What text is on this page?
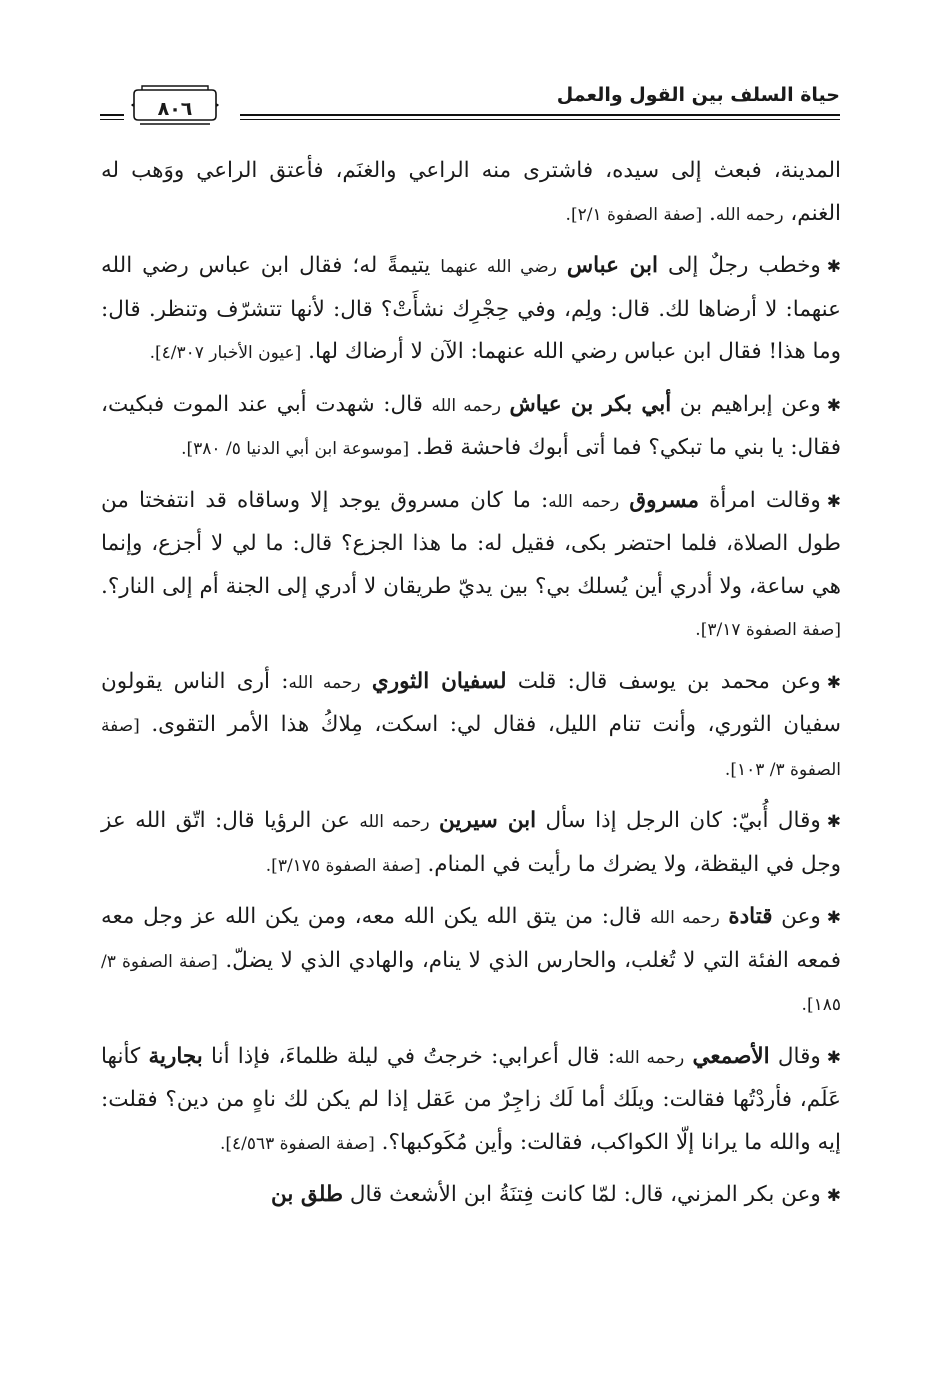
حياة السلف بين القول والعمل
٨٠٦

المدينة، فبعث إلى سيده، فاشترى منه الراعي والغنَم، فأعتق الراعي ووَهب له الغنم، رحمه الله. [صفة الصفوة ٢/١].

✱وخطب رجلٌ إلى ابن عباس رضي الله عنهما يتيمةً له؛ فقال ابن عباس رضي الله عنهما: لا أرضاها لك. قال: ولِم، وفي حِجْرِك نشأَتْ؟ قال: لأنها تتشرّف وتنظر. قال: وما هذا! فقال ابن عباس رضي الله عنهما: الآن لا أرضاك لها. [عيون الأخبار ٤/٣٠٧].

✱وعن إبراهيم بن أبي بكر بن عياش رحمه الله قال: شهدت أبي عند الموت فبكيت، فقال: يا بني ما تبكي؟ فما أتى أبوك فاحشة قط. [موسوعة ابن أبي الدنيا ٥/ ٣٨٠].

✱وقالت امرأة مسروق رحمه الله: ما كان مسروق يوجد إلا وساقاه قد انتفختا من طول الصلاة، فلما احتضر بكى، فقيل له: ما هذا الجزع؟ قال: ما لي لا أجزع، وإنما هي ساعة، ولا أدري أين يُسلك بي؟ بين يديّ طريقان لا أدري إلى الجنة أم إلى النار؟. [صفة الصفوة ٣/١٧].

✱وعن محمد بن يوسف قال: قلت لسفيان الثوري رحمه الله: أرى الناس يقولون سفيان الثوري، وأنت تنام الليل، فقال لي: اسكت، مِلاكُ هذا الأمر التقوى. [صفة الصفوة ٣/ ١٠٣].

✱وقال أُبيّ: كان الرجل إذا سأل ابن سيرين رحمه الله عن الرؤيا قال: اتّق الله عز وجل في اليقظة، ولا يضرك ما رأيت في المنام. [صفة الصفوة ٣/١٧٥].

✱وعن قتادة رحمه الله قال: من يتق الله يكن الله معه، ومن يكن الله عز وجل معه فمعه الفئة التي لا تُغلب، والحارس الذي لا ينام، والهادي الذي لا يضلّ. [صفة الصفوة ٣/ ١٨٥].

✱وقال الأصمعي رحمه الله: قال أعرابي: خرجتُ في ليلة ظلماءَ، فإذا أنا بجارية كأنها عَلَم، فأردْتُها فقالت: ويلَك أما لَك زاجِرٌ من عَقل إذا لم يكن لك ناهٍ من دين؟ فقلت: إيه والله ما يرانا إلّا الكواكب، فقالت: وأين مُكَوكبها؟. [صفة الصفوة ٤/٥٦٣].

✱وعن بكر المزني، قال: لمّا كانت فِتنَةُ ابن الأشعث قال طلق بن
